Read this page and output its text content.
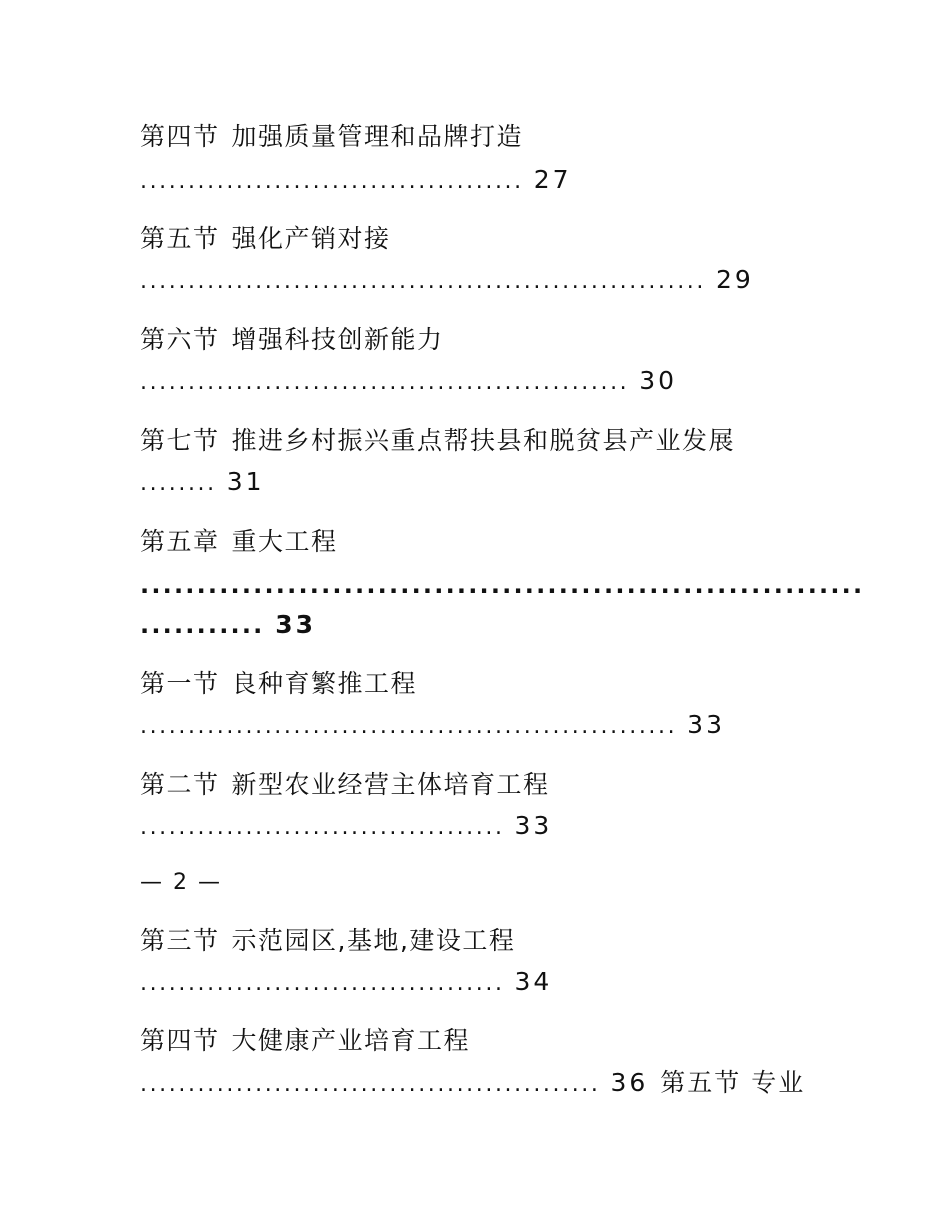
第四节 加强质量管理和品牌打造
........................................ 27
第五节 强化产销对接
........................................................... 29
第六节 增强科技创新能力
................................................... 30
第七节 推进乡村振兴重点帮扶县和脱贫县产业发展
........ 31
第五章 重大工程
................................................................
........... 33
第一节 良种育繁推工程
........................................................ 33
第二节 新型农业经营主体培育工程
...................................... 33
— 2 —
第三节 示范园区,基地,建设工程
...................................... 34
第四节 大健康产业培育工程
................................................ 36 第五节 专业
